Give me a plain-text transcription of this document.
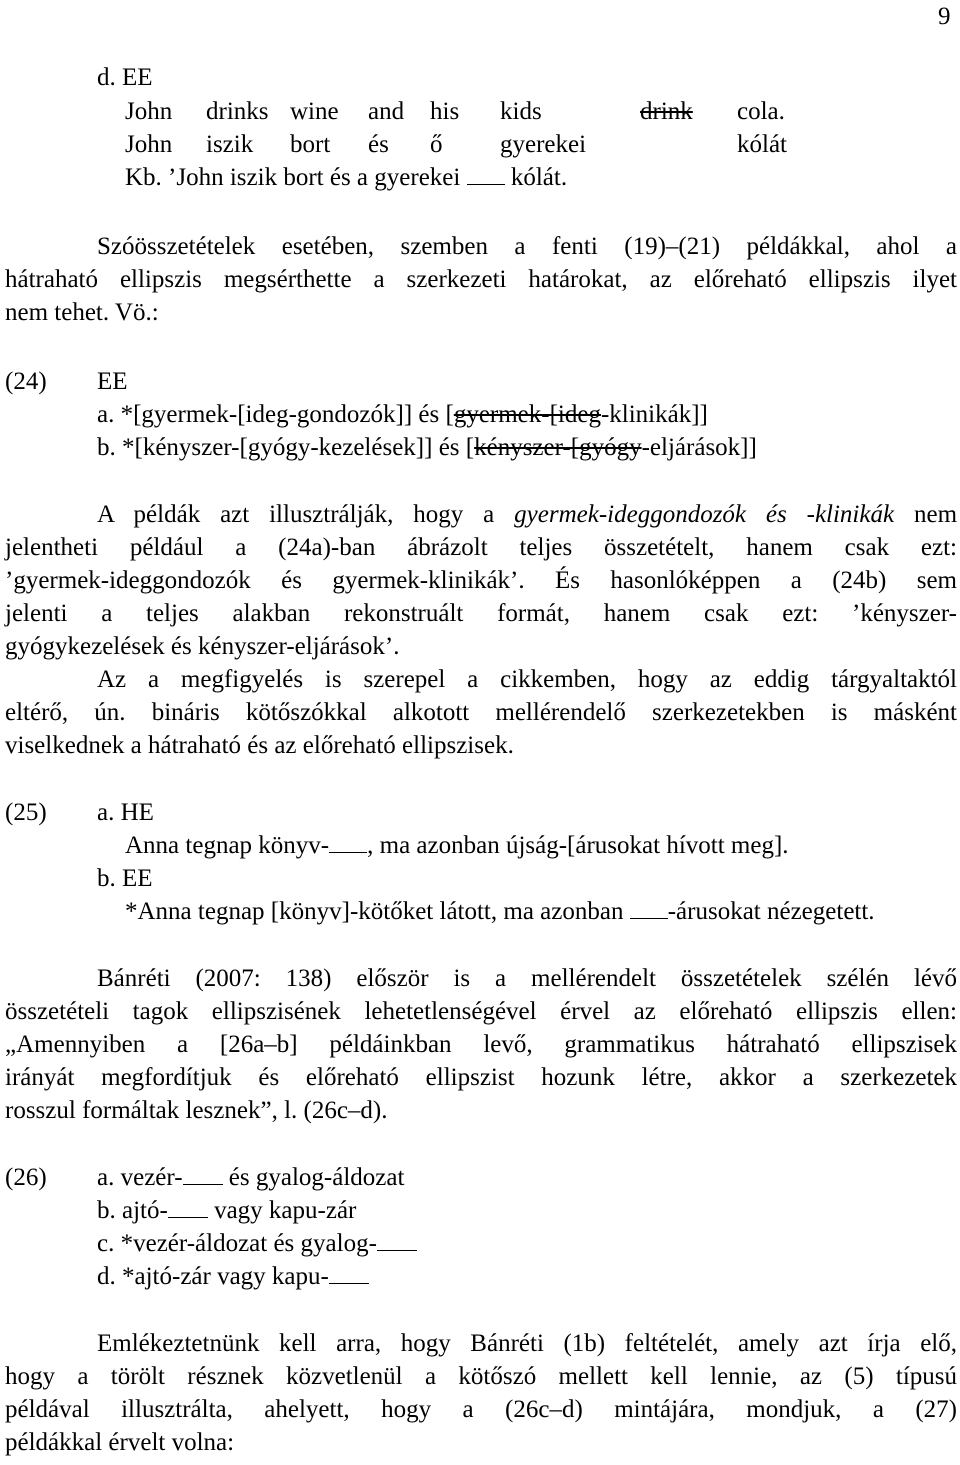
9
d. EE
John drinks wine and his kids	drink cola.
John iszik bort és ő gyerekei	kólát
Kb. ’John iszik bort és a gyerekei kólát.
Szóösszetételek esetében, szemben a fenti (19)–(21) példákkal, ahol a
hátraható ellipszis megsérthette a szerkezeti határokat, az előreható ellipszis ilyet
nem tehet. Vö.:
(24) EE
a. *[gyermek-[ideg-gondozók]] és [gyermek-[ideg-klinikák]]
b. *[kényszer-[gyógy-kezelések]] és [kényszer-[gyógy-eljárások]]
A példák azt illusztrálják, hogy a gyermek-ideggondozók és -klinikák nem
jelentheti például a (24a)-ban ábrázolt teljes összetételt, hanem csak ezt:
’gyermek-ideggondozók és gyermek-klinikák’. És hasonlóképpen a (24b) sem
jelenti a teljes alakban rekonstruált formát, hanem csak ezt: ’kényszer-
gyógykezelések és kényszer-eljárások’.
Az a megfigyelés is szerepel a cikkemben, hogy az eddig tárgyaltaktól
eltérő, ún. bináris kötőszókkal alkotott mellérendelő szerkezetekben is másként
viselkednek a hátraható és az előreható ellipszisek.
(25) a. HE
Anna tegnap könyv- , ma azonban újság-[árusokat hívott meg].
b. EE
*Anna tegnap [könyv]-kötőket látott, ma azonban -árusokat nézegetett.
Bánréti (2007: 138) először is a mellérendelt összetételek szélén lévő
összetételi tagok ellipszisének lehetetlenségével érvel az előreható ellipszis ellen:
„Amennyiben a [26a–b] példáinkban levő, grammatikus hátraható ellipszisek
irányát megfordítjuk és előreható ellipszist hozunk létre, akkor a szerkezetek
rosszul formáltak lesznek”, l. (26c–d).
(26) a. vezér- és gyalog-áldozat
b. ajtó- vagy kapu-zár
c. *vezér-áldozat és gyalog-
d. *ajtó-zár vagy kapu-
Emlékeztetnünk kell arra, hogy Bánréti (1b) feltételét, amely azt írja elő,
hogy a törölt résznek közvetlenül a kötőszó mellett kell lennie, az (5) típusú
példával illusztrálta, ahelyett, hogy a (26c–d) mintájára, mondjuk, a (27)
példákkal érvelt volna:
